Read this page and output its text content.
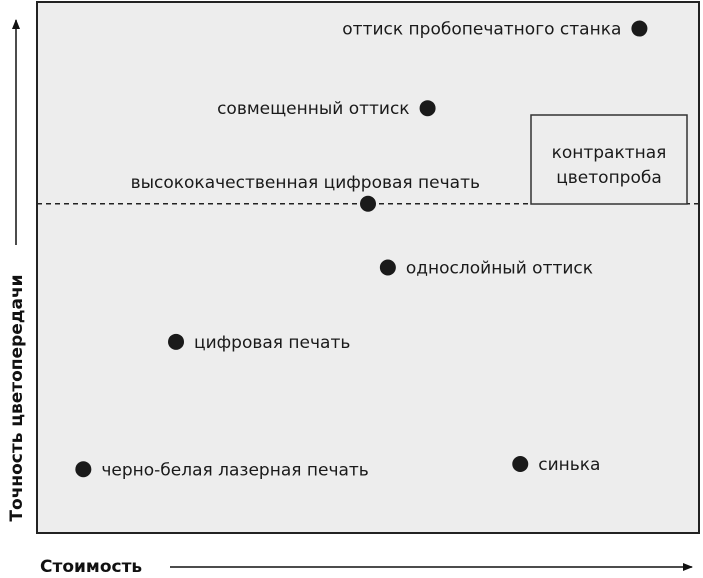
контрактная
цветопроба
оттиск пробопечатного станка
совмещенный оттиск
высококачественная цифровая печать
однослойный оттиск
цифровая печать
синька
черно-белая лазерная печать
Точность цветопередачи
Стоимость
